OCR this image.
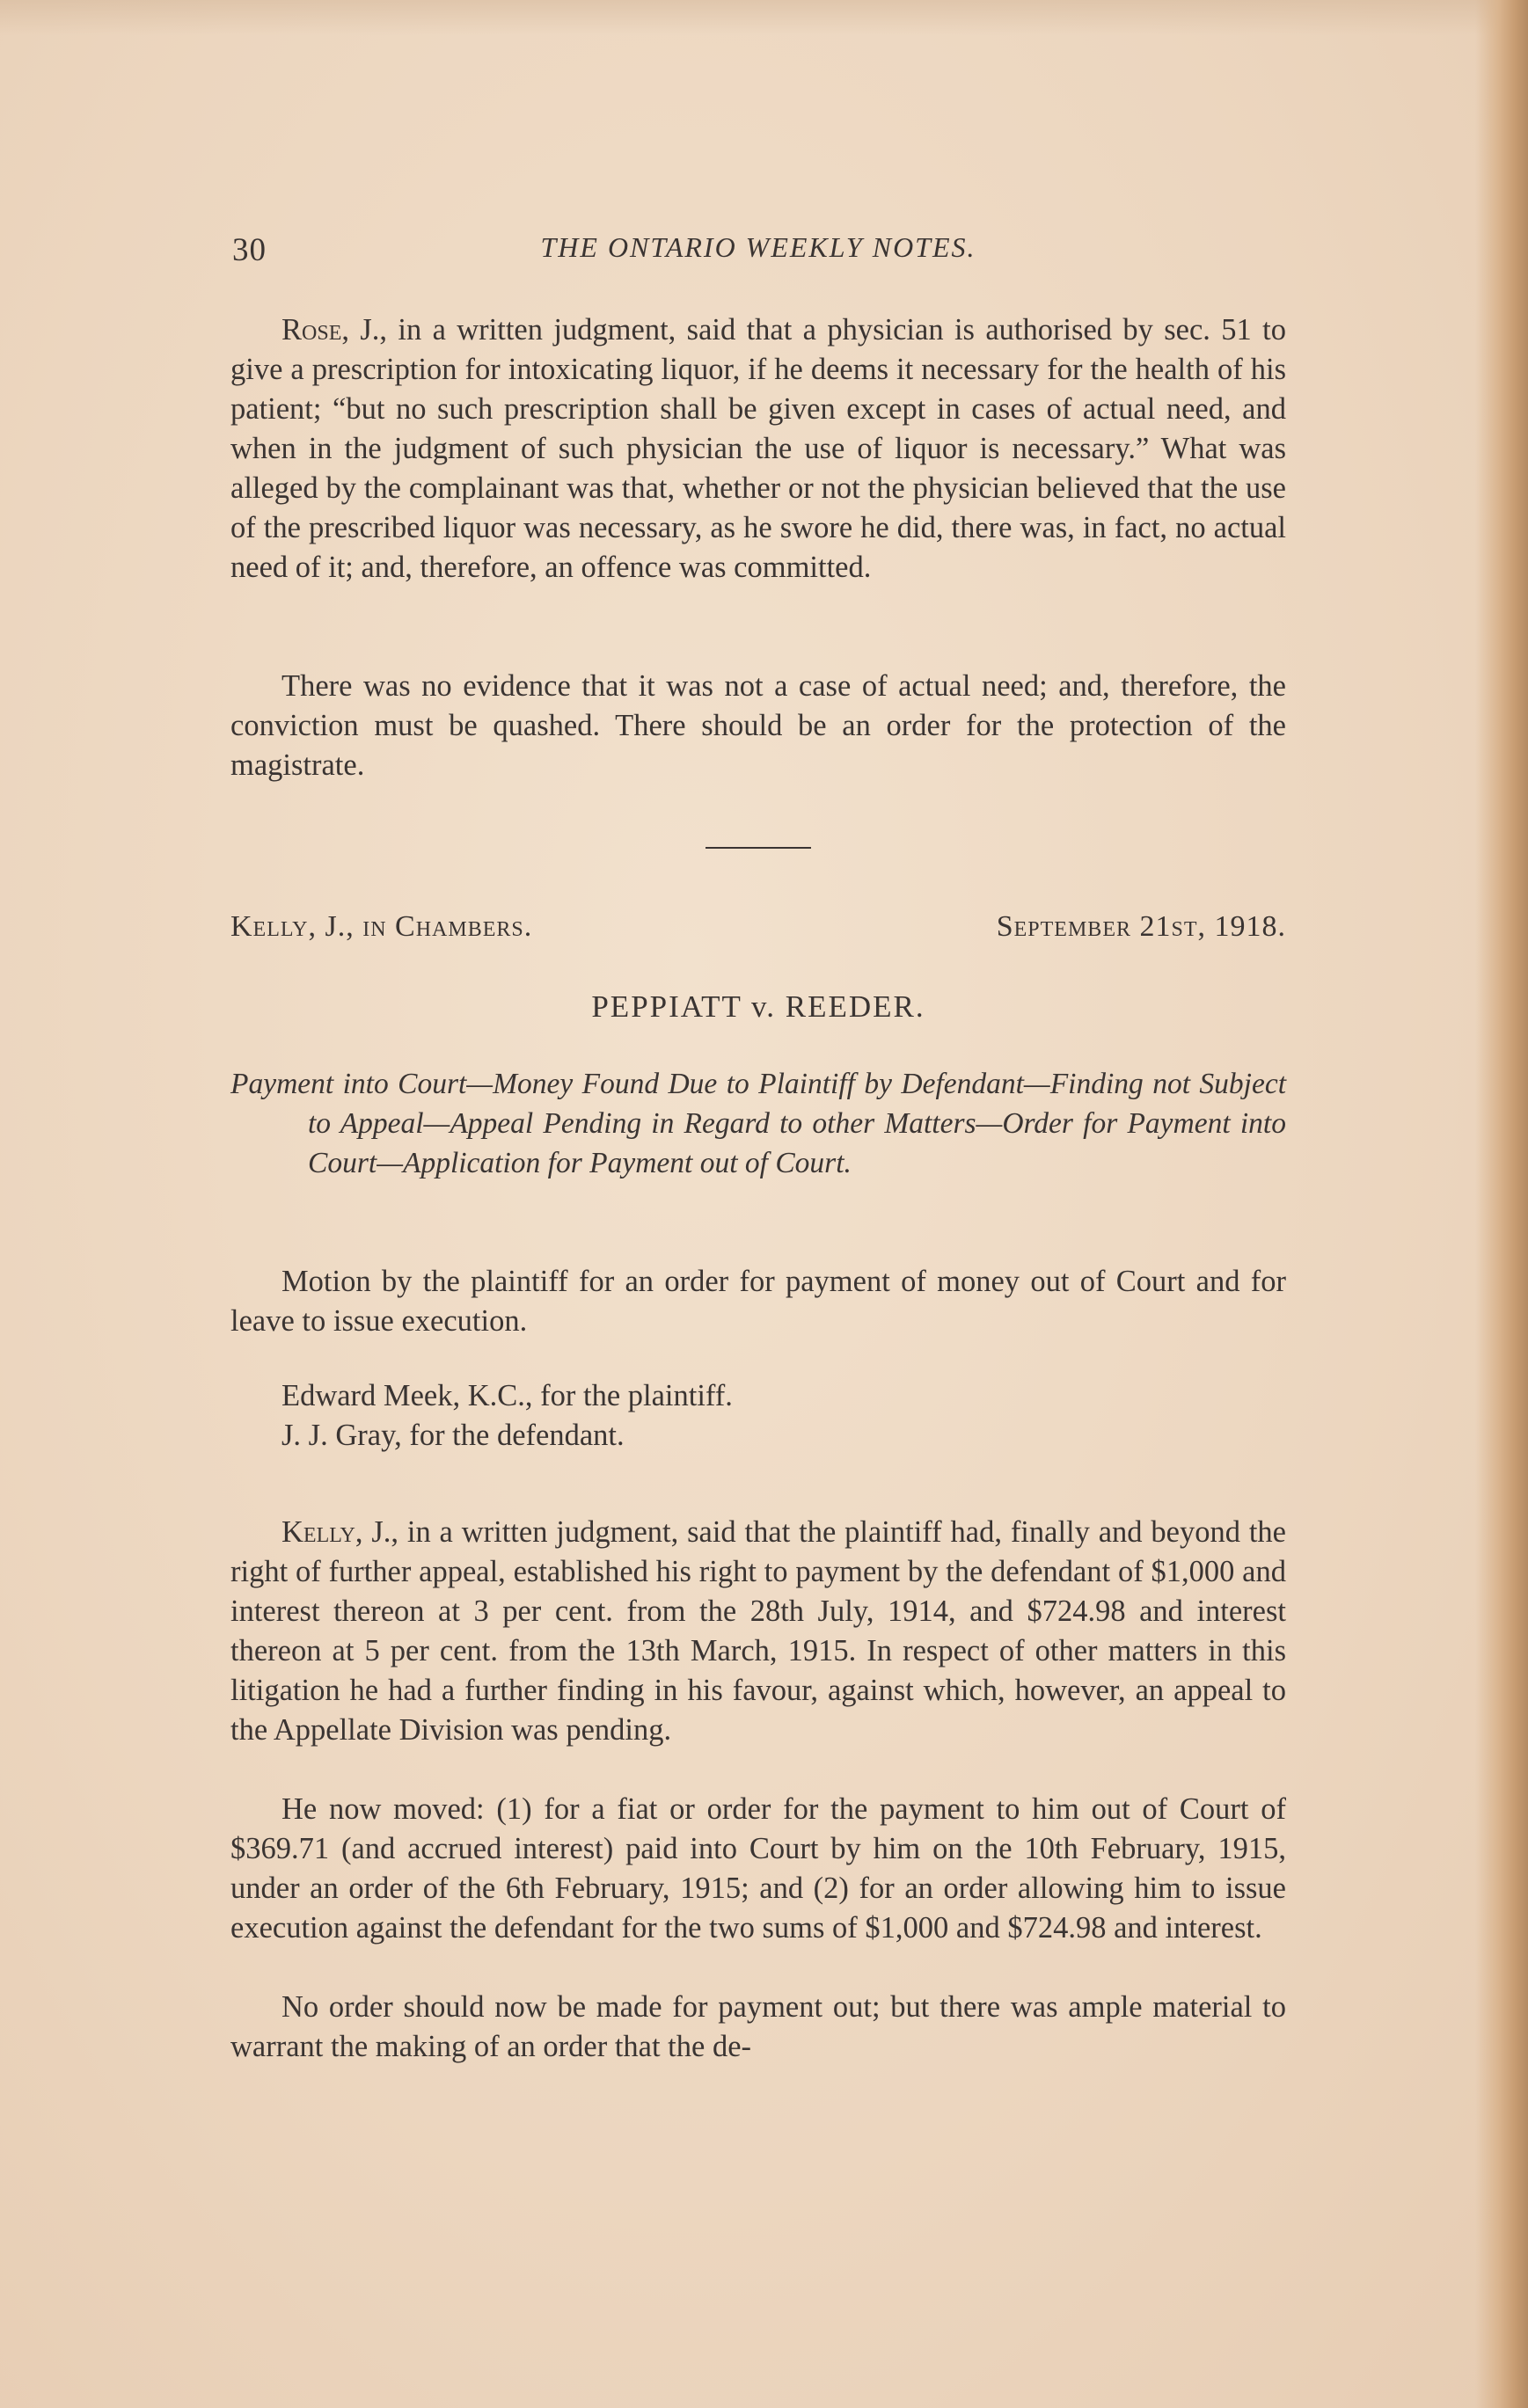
30	THE ONTARIO WEEKLY NOTES.

Rose, J., in a written judgment, said that a physician is authorised by sec. 51 to give a prescription for intoxicating liquor, if he deems it necessary for the health of his patient; “but no such prescription shall be given except in cases of actual need, and when in the judgment of such physician the use of liquor is necessary.” What was alleged by the complainant was that, whether or not the physician believed that the use of the prescribed liquor was necessary, as he swore he did, there was, in fact, no actual need of it; and, therefore, an offence was committed.

There was no evidence that it was not a case of actual need; and, therefore, the conviction must be quashed. There should be an order for the protection of the magistrate.

Kelly, J., in Chambers.	September 21st, 1918.
PEPPIATT v. REEDER.
Payment into Court—Money Found Due to Plaintiff by Defendant—Finding not Subject to Appeal—Appeal Pending in Regard to other Matters—Order for Payment into Court—Application for Payment out of Court.

Motion by the plaintiff for an order for payment of money out of Court and for leave to issue execution.

Edward Meek, K.C., for the plaintiff.
J. J. Gray, for the defendant.

Kelly, J., in a written judgment, said that the plaintiff had, finally and beyond the right of further appeal, established his right to payment by the defendant of $1,000 and interest thereon at 3 per cent. from the 28th July, 1914, and $724.98 and interest thereon at 5 per cent. from the 13th March, 1915. In respect of other matters in this litigation he had a further finding in his favour, against which, however, an appeal to the Appellate Division was pending.

He now moved: (1) for a fiat or order for the payment to him out of Court of $369.71 (and accrued interest) paid into Court by him on the 10th February, 1915, under an order of the 6th February, 1915; and (2) for an order allowing him to issue execution against the defendant for the two sums of $1,000 and $724.98 and interest.

No order should now be made for payment out; but there was ample material to warrant the making of an order that the de-
